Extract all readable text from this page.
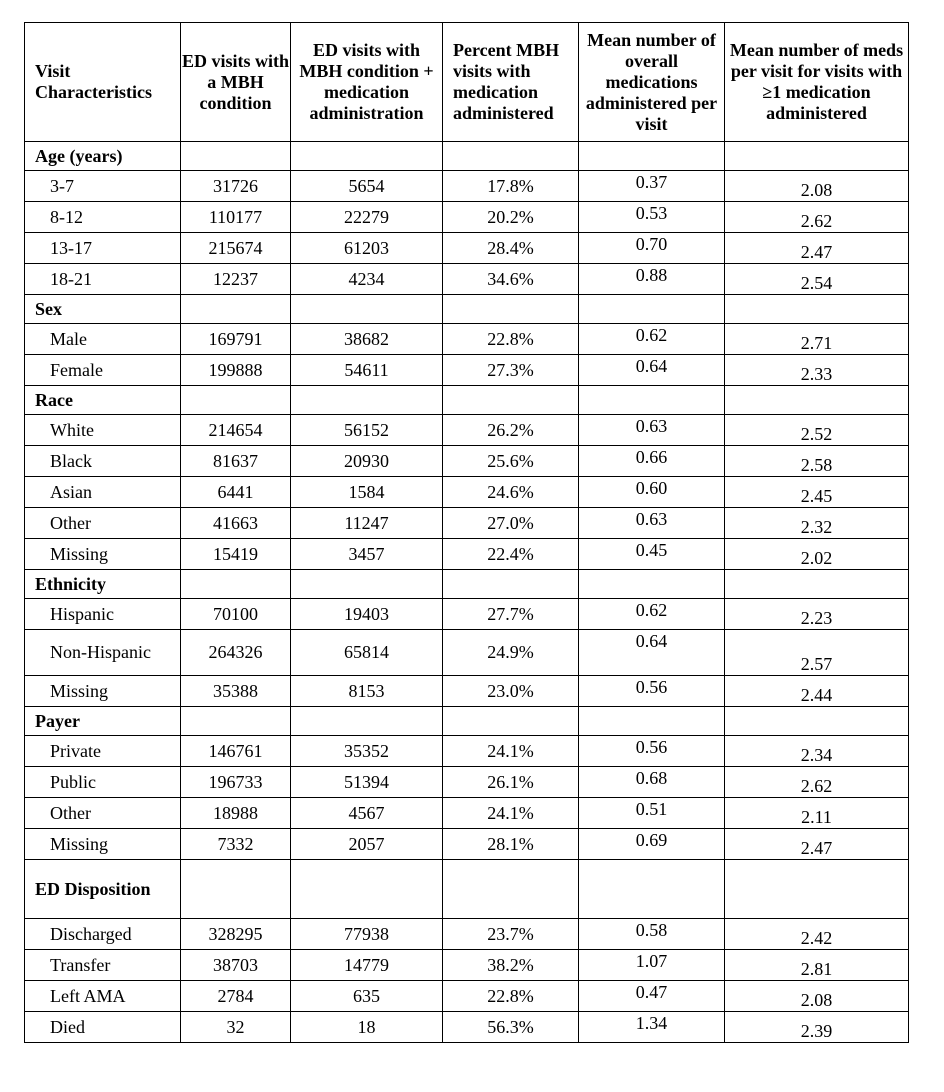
Visit Characteristics	ED visits with a MBH condition	ED visits with MBH condition + medication administration	Percent MBH visits with medication administered	Mean number of overall medications administered per visit	Mean number of meds per visit for visits with ≥1 medication administered
Age (years)					
3-7	31726	5654	17.8%	0.37	2.08
8-12	110177	22279	20.2%	0.53	2.62
13-17	215674	61203	28.4%	0.70	2.47
18-21	12237	4234	34.6%	0.88	2.54
Sex					
Male	169791	38682	22.8%	0.62	2.71
Female	199888	54611	27.3%	0.64	2.33
Race					
White	214654	56152	26.2%	0.63	2.52
Black	81637	20930	25.6%	0.66	2.58
Asian	6441	1584	24.6%	0.60	2.45
Other	41663	11247	27.0%	0.63	2.32
Missing	15419	3457	22.4%	0.45	2.02
Ethnicity					
Hispanic	70100	19403	27.7%	0.62	2.23
Non-Hispanic	264326	65814	24.9%	0.64	2.57
Missing	35388	8153	23.0%	0.56	2.44
Payer					
Private	146761	35352	24.1%	0.56	2.34
Public	196733	51394	26.1%	0.68	2.62
Other	18988	4567	24.1%	0.51	2.11
Missing	7332	2057	28.1%	0.69	2.47
ED Disposition					
Discharged	328295	77938	23.7%	0.58	2.42
Transfer	38703	14779	38.2%	1.07	2.81
Left AMA	2784	635	22.8%	0.47	2.08
Died	32	18	56.3%	1.34	2.39
